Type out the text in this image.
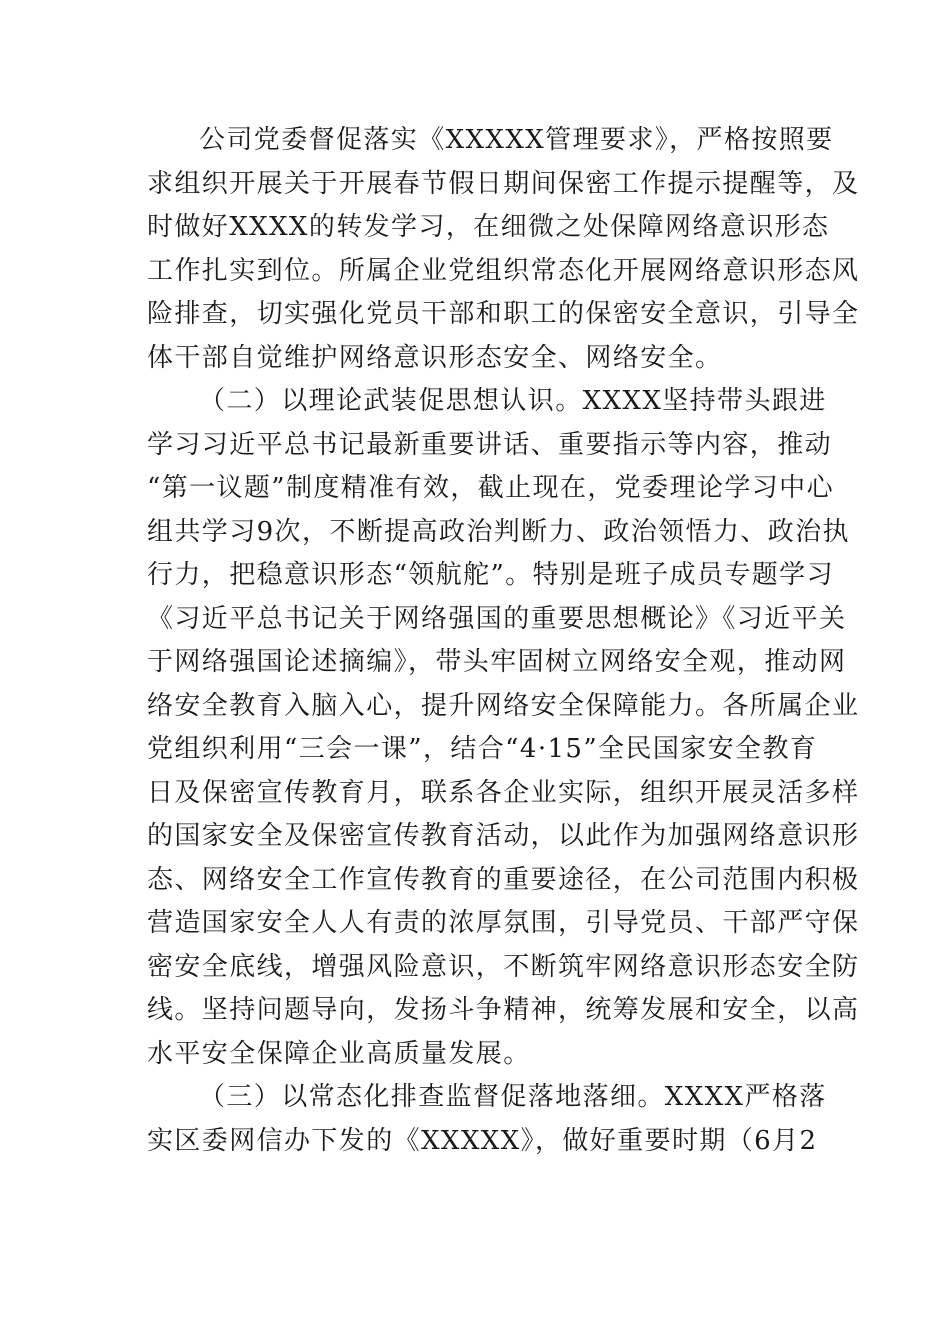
公司党委督促落实《XXXXX管理要求》，严格按照要
求组织开展关于开展春节假日期间保密工作提示提醒等，及
时做好XXXX的转发学习，在细微之处保障网络意识形态
工作扎实到位。所属企业党组织常态化开展网络意识形态风
险排查，切实强化党员干部和职工的保密安全意识，引导全
体干部自觉维护网络意识形态安全、网络安全。
（二）以理论武装促思想认识。XXXX坚持带头跟进
学习习近平总书记最新重要讲话、重要指示等内容，推动
“第一议题”制度精准有效，截止现在，党委理论学习中心
组共学习9次，不断提高政治判断力、政治领悟力、政治执
行力，把稳意识形态“领航舵”。特别是班子成员专题学习
《习近平总书记关于网络强国的重要思想概论》《习近平关
于网络强国论述摘编》，带头牢固树立网络安全观，推动网
络安全教育入脑入心，提升网络安全保障能力。各所属企业
党组织利用“三会一课”，结合“4·15”全民国家安全教育
日及保密宣传教育月，联系各企业实际，组织开展灵活多样
的国家安全及保密宣传教育活动，以此作为加强网络意识形
态、网络安全工作宣传教育的重要途径，在公司范围内积极
营造国家安全人人有责的浓厚氛围，引导党员、干部严守保
密安全底线，增强风险意识，不断筑牢网络意识形态安全防
线。坚持问题导向，发扬斗争精神，统筹发展和安全，以高
水平安全保障企业高质量发展。
（三）以常态化排查监督促落地落细。XXXX严格落
实区委网信办下发的《XXXXX》，做好重要时期（6月2
